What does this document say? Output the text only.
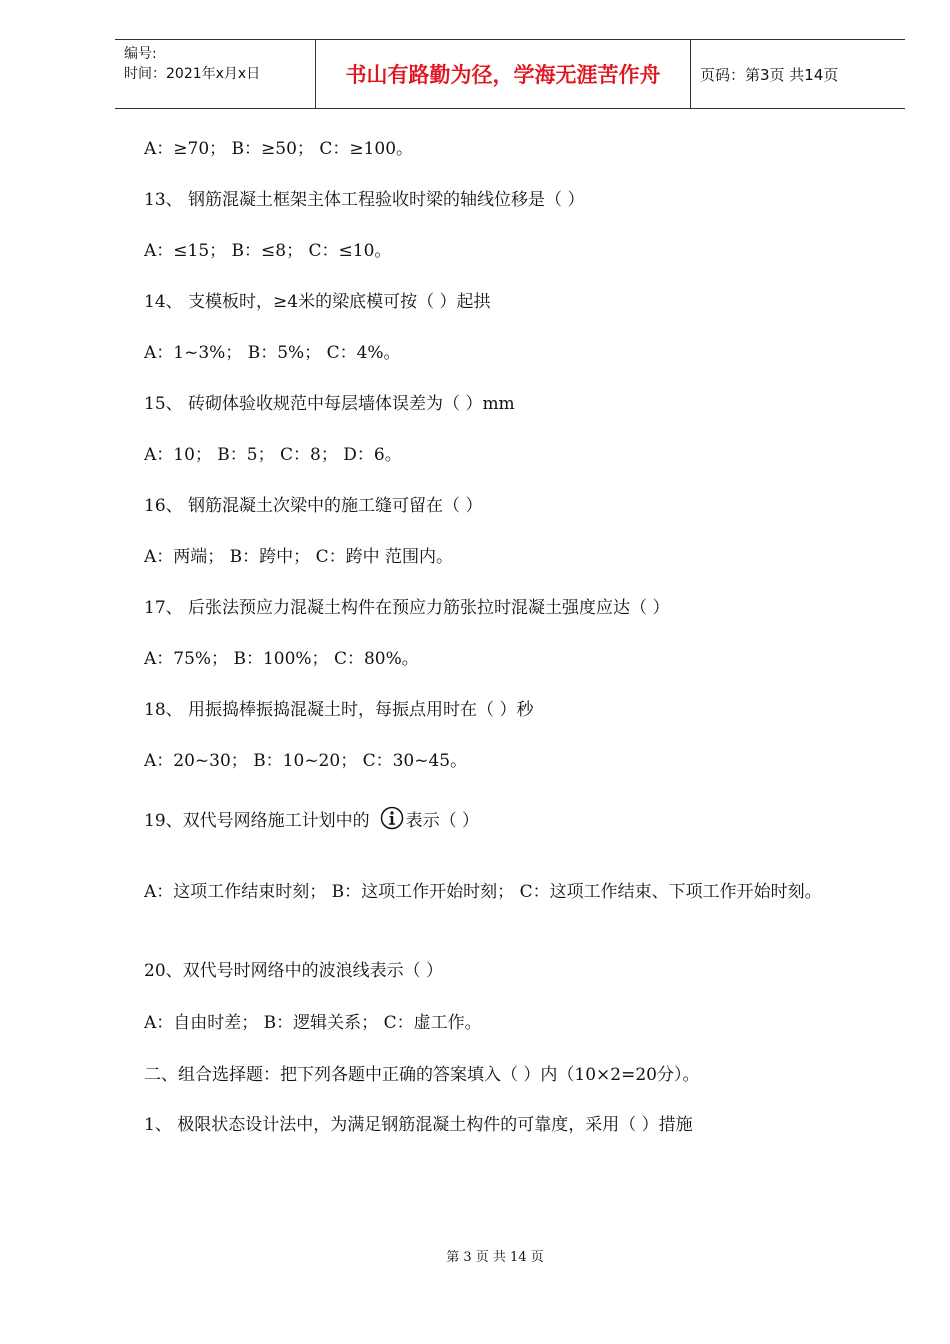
编号:
时间：2021年x月x日	书山有路勤为径，学海无涯苦作舟	页码：第3页 共14页
A：≥70； B：≥50； C：≥100。
13、 钢筋混凝土框架主体工程验收时梁的轴线位移是（ ）
A：≤15； B：≤8； C：≤10。
14、 支模板时，≥4米的梁底模可按（ ）起拱
A：1~3%； B：5%； C：4%。
15、 砖砌体验收规范中每层墙体误差为（ ）mm
A：10； B：5； C：8； D：6。
16、 钢筋混凝土次梁中的施工缝可留在（ ）
A：两端； B：跨中； C：跨中 范围内。
17、 后张法预应力混凝土构件在预应力筋张拉时混凝土强度应达（ ）
A：75%； B：100%； C：80%。
18、 用振捣棒振捣混凝土时，每振点用时在（ ）秒
A：20~30； B：10~20； C：30~45。
19、双代号网络施工计划中的 表示（ ）
A：这项工作结束时刻； B：这项工作开始时刻； C：这项工作结束、下项工作开始时刻。
20、双代号时网络中的波浪线表示（ ）
A：自由时差； B：逻辑关系； C：虚工作。
二、组合选择题：把下列各题中正确的答案填入（ ）内（10×2=20分）。
1、 极限状态设计法中，为满足钢筋混凝土构件的可靠度，采用（ ）措施
第 3 页 共 14 页
